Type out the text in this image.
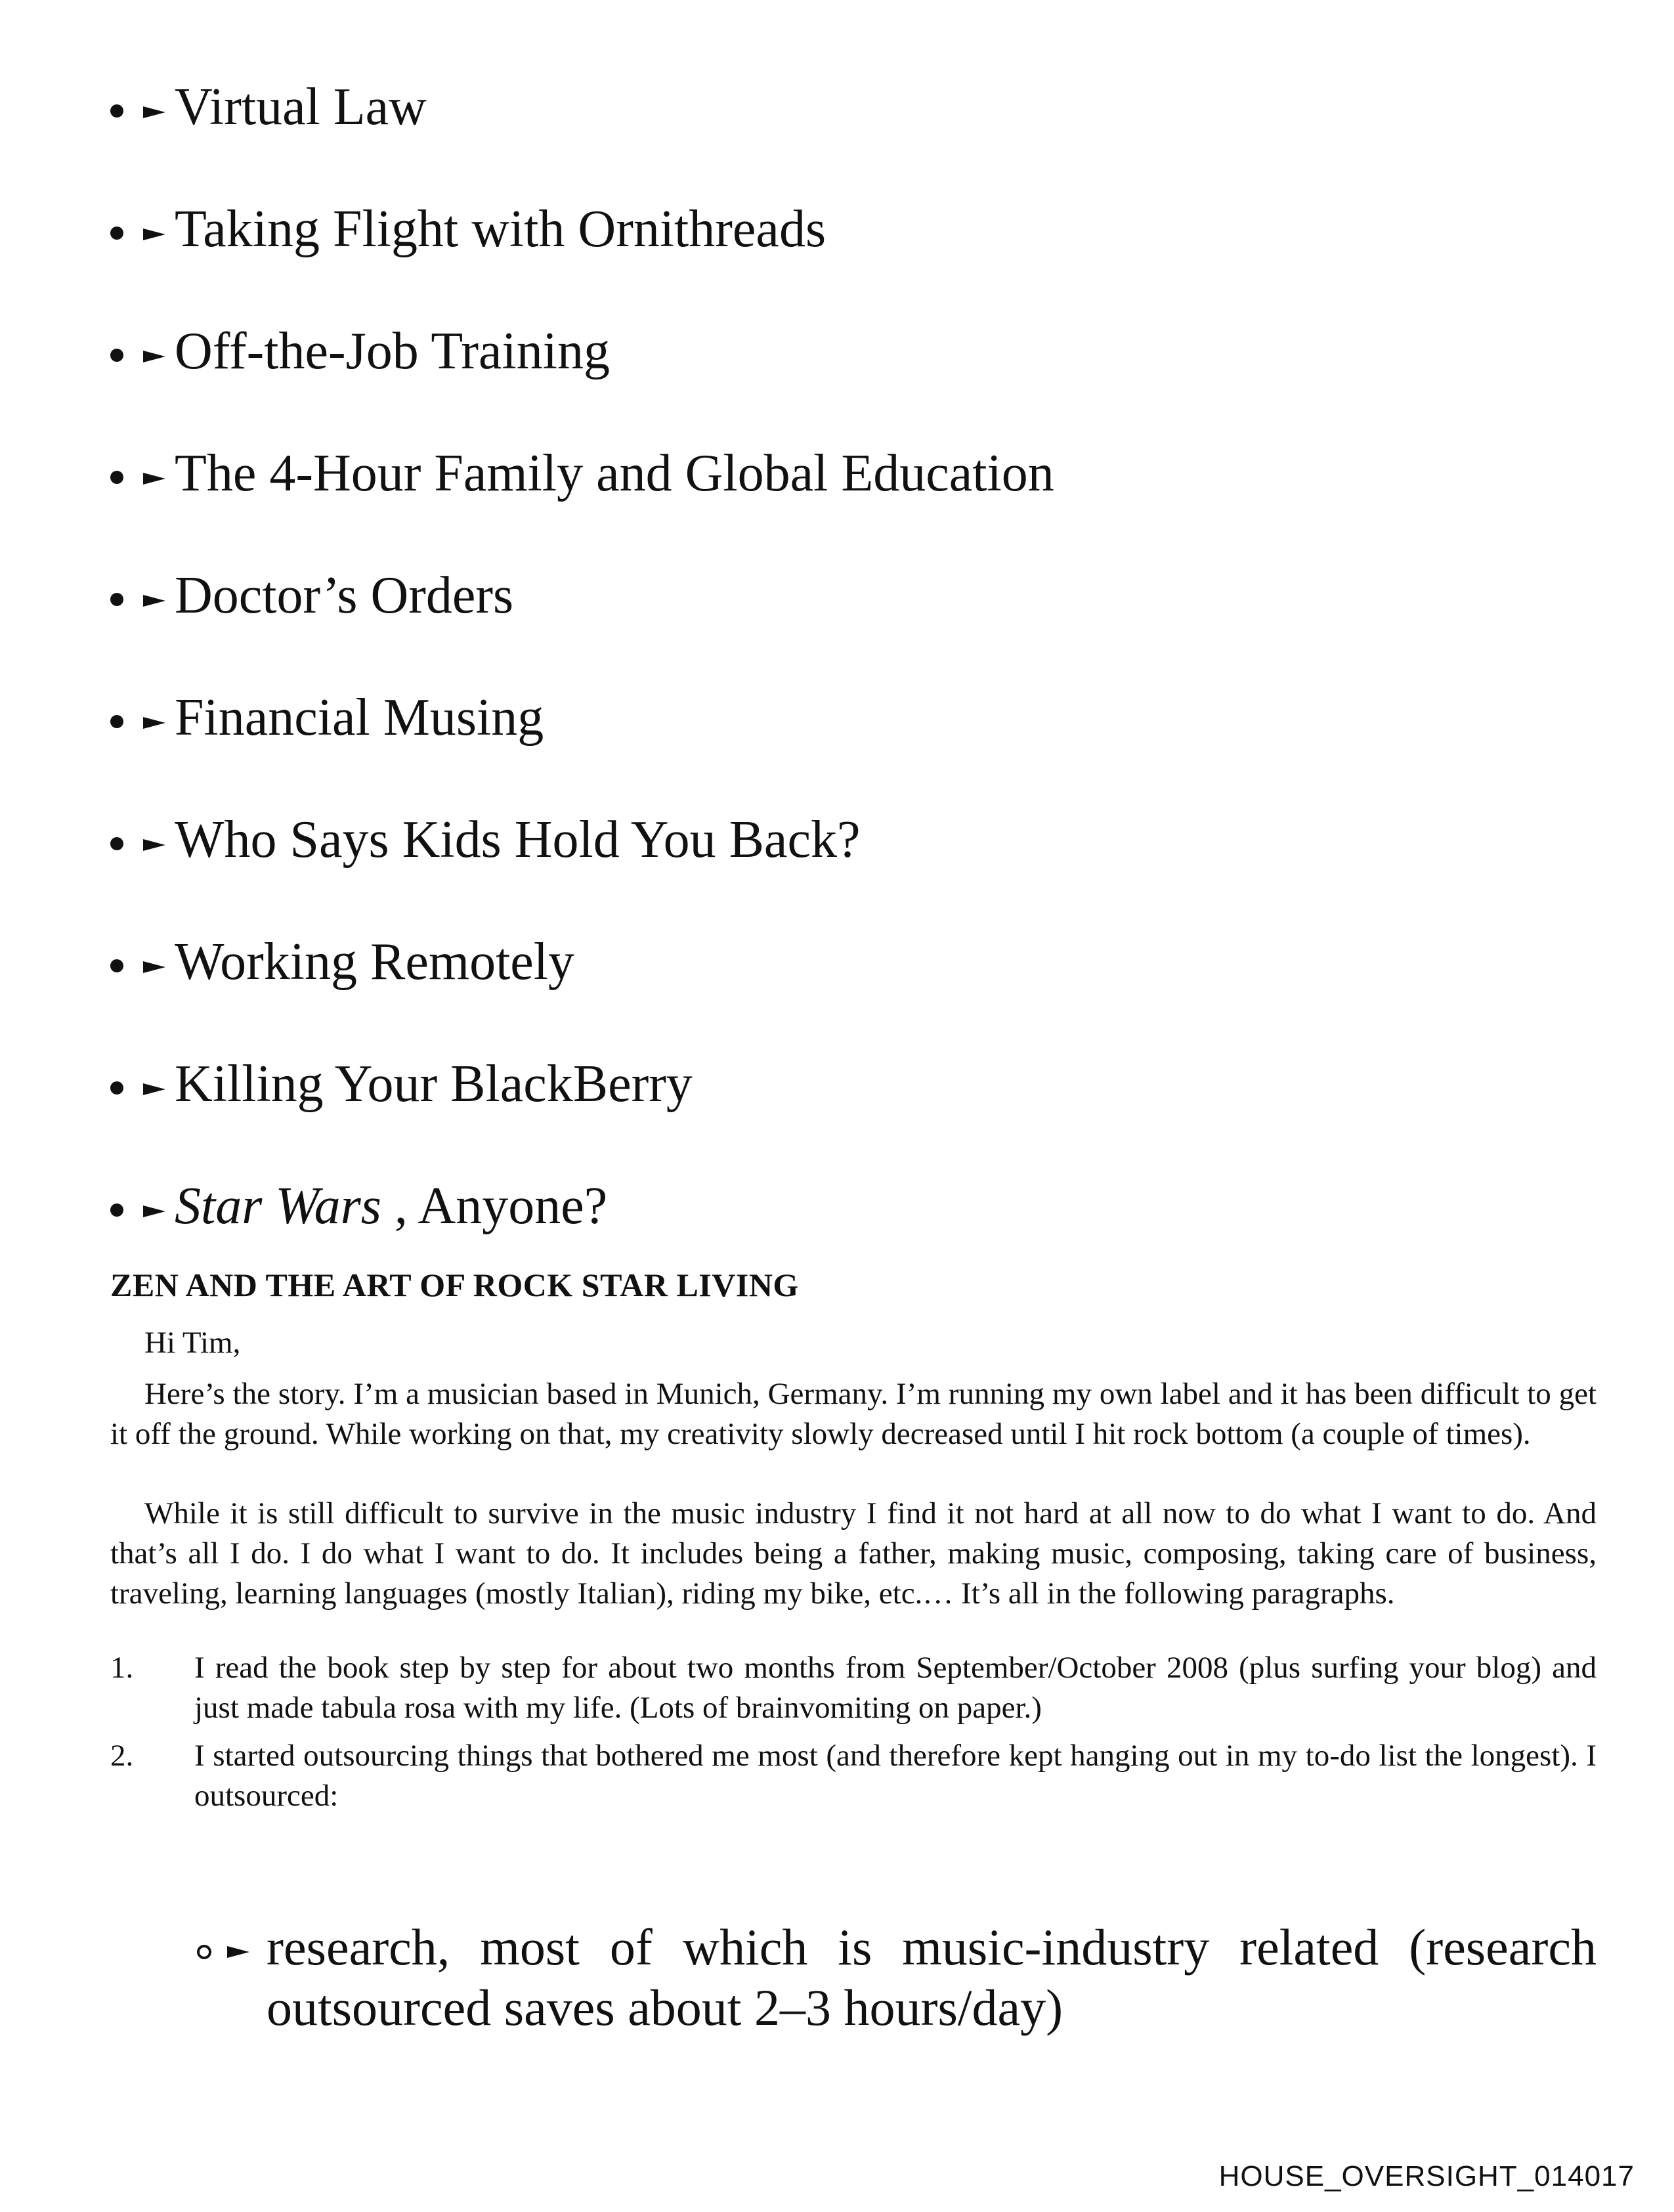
Virtual Law
Taking Flight with Ornithreads
Off-the-Job Training
The 4-Hour Family and Global Education
Doctor’s Orders
Financial Musing
Who Says Kids Hold You Back?
Working Remotely
Killing Your BlackBerry
Star Wars , Anyone?
ZEN AND THE ART OF ROCK STAR LIVING

Hi Tim,

Here’s the story. I’m a musician based in Munich, Germany. I’m running my own label and it has been difficult to get it off the ground. While working on that, my creativity slowly decreased until I hit rock bottom (a couple of times).

While it is still difficult to survive in the music industry I find it not hard at all now to do what I want to do. And that’s all I do. I do what I want to do. It includes being a father, making music, composing, taking care of business, traveling, learning languages (mostly Italian), riding my bike, etc.… It’s all in the following paragraphs.

1.	I read the book step by step for about two months from September/October 2008 (plus surfing your blog) and just made tabula rosa with my life. (Lots of brainvomiting on paper.)
2.	I started outsourcing things that bothered me most (and therefore kept hanging out in my to-do list the longest). I outsourced:
research, most of which is music-industry related (research outsourced saves about 2–3 hours/day)
HOUSE_OVERSIGHT_014017
